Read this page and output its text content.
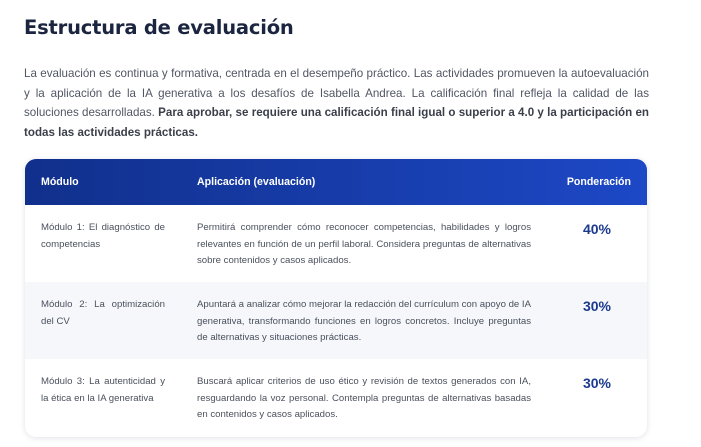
Estructura de evaluación

La evaluación es continua y formativa, centrada en el desempeño práctico. Las actividades promueven la autoevaluación y la aplicación de la IA generativa a los desafíos de Isabella Andrea. La calificación final refleja la calidad de las soluciones desarrolladas. Para aprobar, se requiere una calificación final igual o superior a 4.0 y la participación en todas las actividades prácticas.

Módulo	Aplicación (evaluación)	Ponderación
Módulo 1: El diagnóstico de competencias
Permitirá comprender cómo reconocer competencias, habilidades y logros relevantes en función de un perfil laboral. Considera preguntas de alternativas sobre contenidos y casos aplicados.
40%
Módulo 2: La optimización del CV
Apuntará a analizar cómo mejorar la redacción del currículum con apoyo de IA generativa, transformando funciones en logros concretos. Incluye preguntas de alternativas y situaciones prácticas.
30%
Módulo 3: La autenticidad y la ética en la IA generativa
Buscará aplicar criterios de uso ético y revisión de textos generados con IA, resguardando la voz personal. Contempla preguntas de alternativas basadas en contenidos y casos aplicados.
30%
